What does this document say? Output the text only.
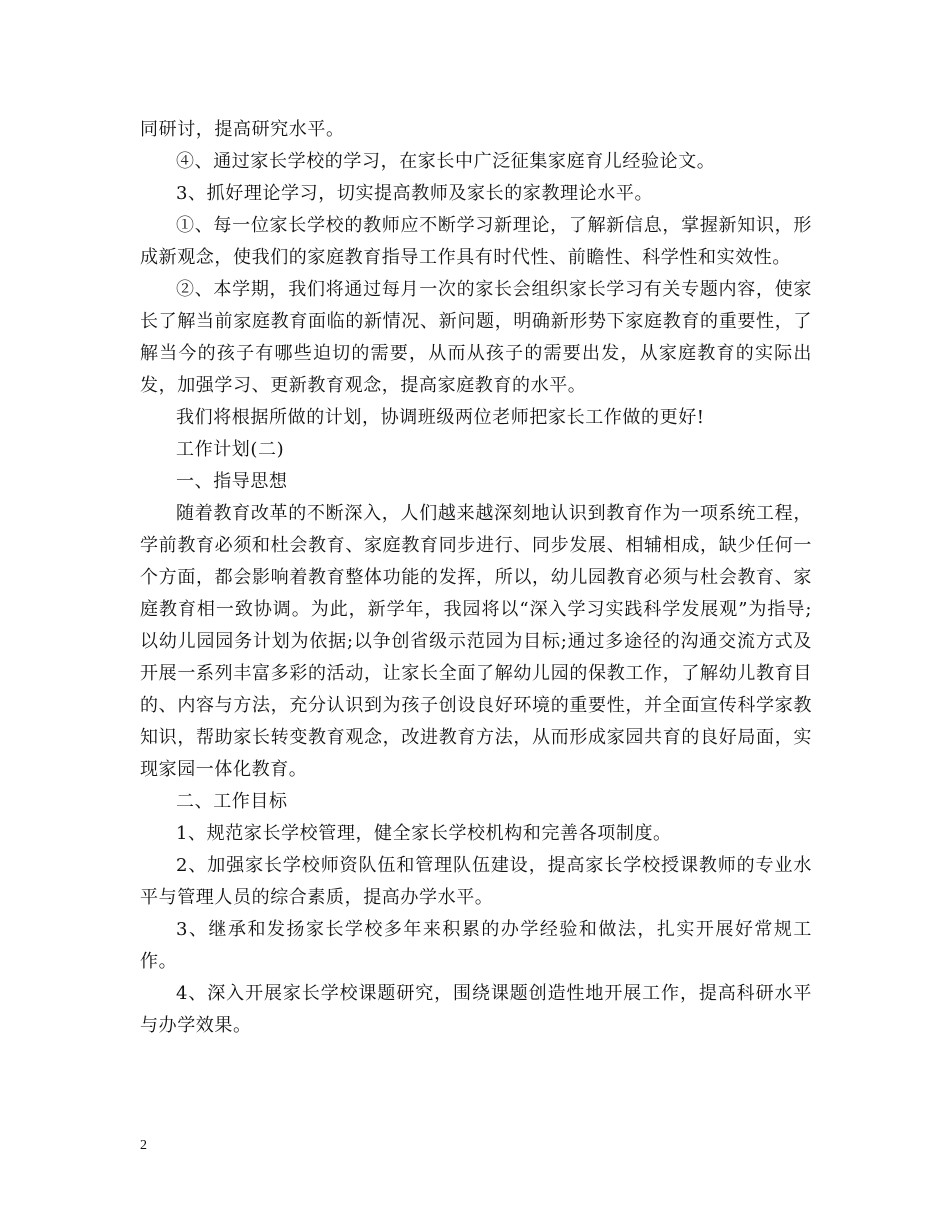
同研讨，提高研究水平。

④、通过家长学校的学习，在家长中广泛征集家庭育儿经验论文。

3、抓好理论学习，切实提高教师及家长的家教理论水平。

①、每一位家长学校的教师应不断学习新理论，了解新信息，掌握新知识，形成新观念，使我们的家庭教育指导工作具有时代性、前瞻性、科学性和实效性。

②、本学期，我们将通过每月一次的家长会组织家长学习有关专题内容，使家长了解当前家庭教育面临的新情况、新问题，明确新形势下家庭教育的重要性，了解当今的孩子有哪些迫切的需要，从而从孩子的需要出发，从家庭教育的实际出发，加强学习、更新教育观念，提高家庭教育的水平。

我们将根据所做的计划，协调班级两位老师把家长工作做的更好!

工作计划(二)

一、指导思想

随着教育改革的不断深入，人们越来越深刻地认识到教育作为一项系统工程，学前教育必须和杜会教育、家庭教育同步进行、同步发展、相辅相成，缺少任何一个方面，都会影响着教育整体功能的发挥，所以，幼儿园教育必须与杜会教育、家庭教育相一致协调。为此，新学年，我园将以“深入学习实践科学发展观”为指导;以幼儿园园务计划为依据;以争创省级示范园为目标;通过多途径的沟通交流方式及开展一系列丰富多彩的活动，让家长全面了解幼儿园的保教工作，了解幼儿教育目的、内容与方法，充分认识到为孩子创设良好环境的重要性，并全面宣传科学家教知识，帮助家长转变教育观念，改进教育方法，从而形成家园共育的良好局面，实现家园一体化教育。

二、工作目标

1、规范家长学校管理，健全家长学校机构和完善各项制度。

2、加强家长学校师资队伍和管理队伍建设，提高家长学校授课教师的专业水平与管理人员的综合素质，提高办学水平。

3、继承和发扬家长学校多年来积累的办学经验和做法，扎实开展好常规工作。

4、深入开展家长学校课题研究，围绕课题创造性地开展工作，提高科研水平与办学效果。

2
